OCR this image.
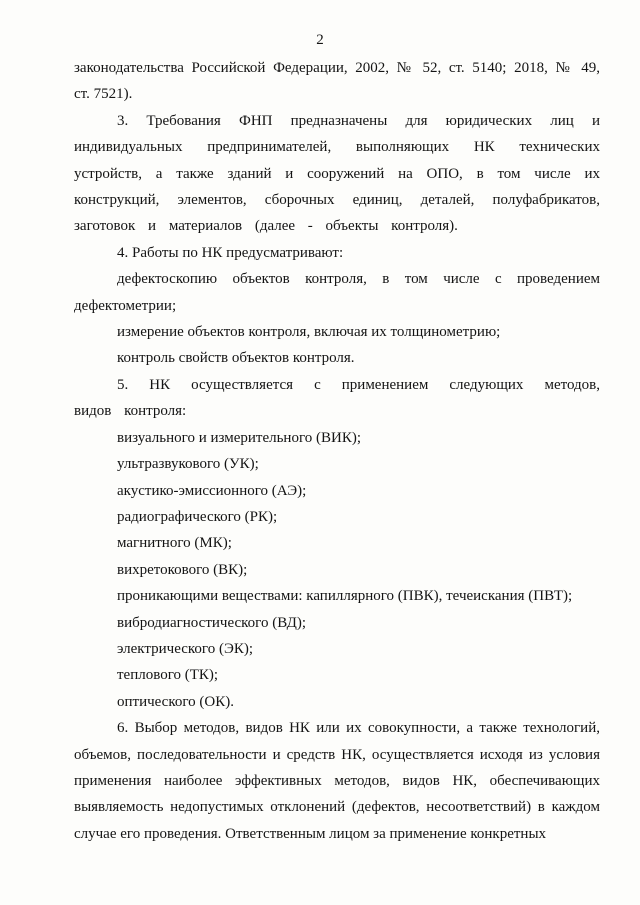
2

законодательства Российской Федерации, 2002, № 52, ст. 5140; 2018, № 49,
ст. 7521).

3. Требования ФНП предназначены для юридических лиц и индивидуальных предпринимателей, выполняющих НК технических устройств, а также зданий и сооружений на ОПО, в том числе их конструкций, элементов, сборочных единиц, деталей, полуфабрикатов, заготовок и материалов (далее - объекты контроля).

4. Работы по НК предусматривают:

дефектоскопию объектов контроля, в том числе с проведением дефектометрии;

измерение объектов контроля, включая их толщинометрию;

контроль свойств объектов контроля.

5. НК осуществляется с применением следующих методов, видов контроля:

визуального и измерительного (ВИК);

ультразвукового (УК);

акустико-эмиссионного (АЭ);

радиографического (РК);

магнитного (МК);

вихретокового (ВК);

проникающими веществами: капиллярного (ПВК), течеискания (ПВТ);

вибродиагностического (ВД);

электрического (ЭК);

теплового (ТК);

оптического (ОК).

6. Выбор методов, видов НК или их совокупности, а также технологий, объемов, последовательности и средств НК, осуществляется исходя из условия применения наиболее эффективных методов, видов НК, обеспечивающих выявляемость недопустимых отклонений (дефектов, несоответствий) в каждом случае его проведения. Ответственным лицом за применение конкретных
